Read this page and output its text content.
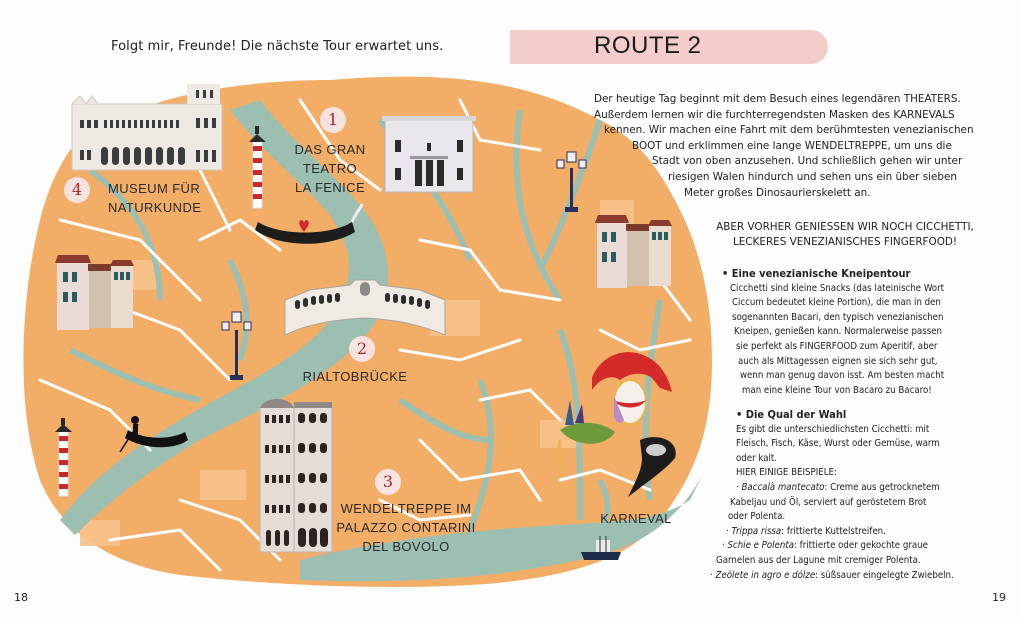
Folgt mir, Freunde! Die nächste Tour erwartet uns.	ROUTE 2
1
DAS GRAN
TEATRO
LA FENICE
2
RIALTOBRÜCKE
3
WENDELTREPPE IM
PALAZZO CONTARINI
DEL BOVOLO
4	MUSEUM FÜR
NATURKUNDE
KARNEVAL
Der heutige Tag beginnt mit dem Besuch eines legendären THEATERS.
Außerdem lernen wir die furchterregendsten Masken des KARNEVALS
kennen. Wir machen eine Fahrt mit dem berühmtesten venezianischen
BOOT und erklimmen eine lange WENDELTREPPE, um uns die
Stadt von oben anzusehen. Und schließlich gehen wir unter
riesigen Walen hindurch und sehen uns ein über sieben
Meter großes Dinosaurierskelett an.
ABER VORHER GENIESSEN WIR NOCH CICCHETTI,
LECKERES VENEZIANISCHES FINGERFOOD!
• Eine venezianische Kneipentour
Cicchetti sind kleine Snacks (das lateinische Wort
Ciccum bedeutet kleine Portion), die man in den
sogenannten Bacari, den typisch venezianischen
Kneipen, genießen kann. Normalerweise passen
sie perfekt als FINGERFOOD zum Aperitif, aber
auch als Mittagessen eignen sie sich sehr gut,
wenn man genug davon isst. Am besten macht
man eine kleine Tour von Bacaro zu Bacaro!
• Die Qual der Wahl
Es gibt die unterschiedlichsten Cicchetti: mit
Fleisch, Fisch, Käse, Wurst oder Gemüse, warm
oder kalt.
HIER EINIGE BEISPIELE:
· Baccalà mantecato: Creme aus getrocknetem
Kabeljau und Öl, serviert auf geröstetem Brot
oder Polenta.
· Trippa rissa: frittierte Kuttelstreifen.
· Schie e Polenta: frittierte oder gekochte graue
Garnelen aus der Lagune mit cremiger Polenta.
· Zeólete in agro e dólze: süßsauer eingelegte Zwiebeln.
18	19
